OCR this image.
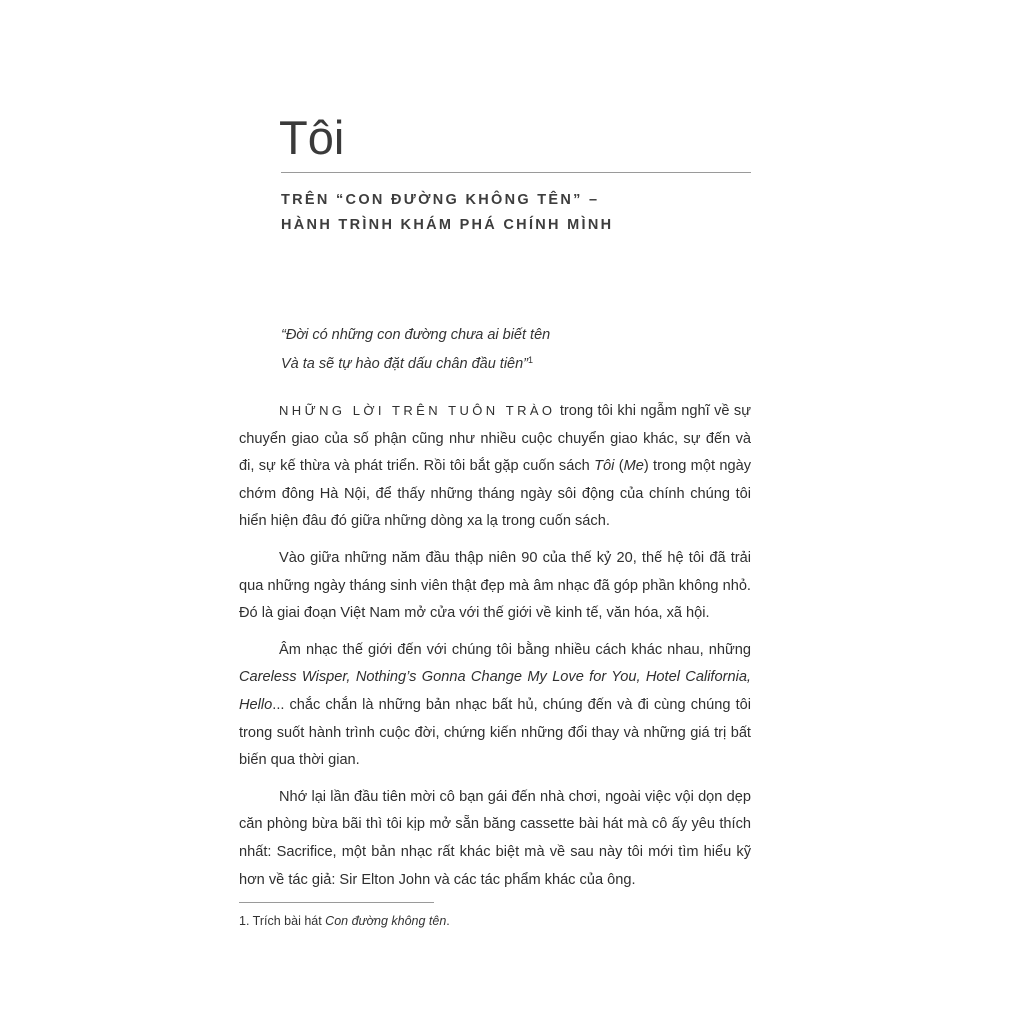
Tôi
TRÊN “CON ĐƯỜNG KHÔNG TÊN” –
HÀNH TRÌNH KHÁM PHÁ CHÍNH MÌNH
“Đời có những con đường chưa ai biết tên
Và ta sẽ tự hào đặt dấu chân đầu tiên”$^1$

NHỮNG LỜI TRÊN TUÔN TRÀO trong tôi khi ngẫm nghĩ về sự chuyển giao của số phận cũng như nhiều cuộc chuyển giao khác, sự đến và đi, sự kế thừa và phát triển. Rồi tôi bắt gặp cuốn sách Tôi (Me) trong một ngày chớm đông Hà Nội, để thấy những tháng ngày sôi động của chính chúng tôi hiển hiện đâu đó giữa những dòng xa lạ trong cuốn sách.

Vào giữa những năm đầu thập niên 90 của thế kỷ 20, thế hệ tôi đã trải qua những ngày tháng sinh viên thật đẹp mà âm nhạc đã góp phần không nhỏ. Đó là giai đoạn Việt Nam mở cửa với thế giới về kinh tế, văn hóa, xã hội.

Âm nhạc thế giới đến với chúng tôi bằng nhiều cách khác nhau, những Careless Wisper, Nothing’s Gonna Change My Love for You, Hotel California, Hello... chắc chắn là những bản nhạc bất hủ, chúng đến và đi cùng chúng tôi trong suốt hành trình cuộc đời, chứng kiến những đổi thay và những giá trị bất biến qua thời gian.

Nhớ lại lần đầu tiên mời cô bạn gái đến nhà chơi, ngoài việc vội dọn dẹp căn phòng bừa bãi thì tôi kịp mở sẵn băng cassette bài hát mà cô ấy yêu thích nhất: Sacrifice, một bản nhạc rất khác biệt mà về sau này tôi mới tìm hiểu kỹ hơn về tác giả: Sir Elton John và các tác phẩm khác của ông.

1. Trích bài hát Con đường không tên.
